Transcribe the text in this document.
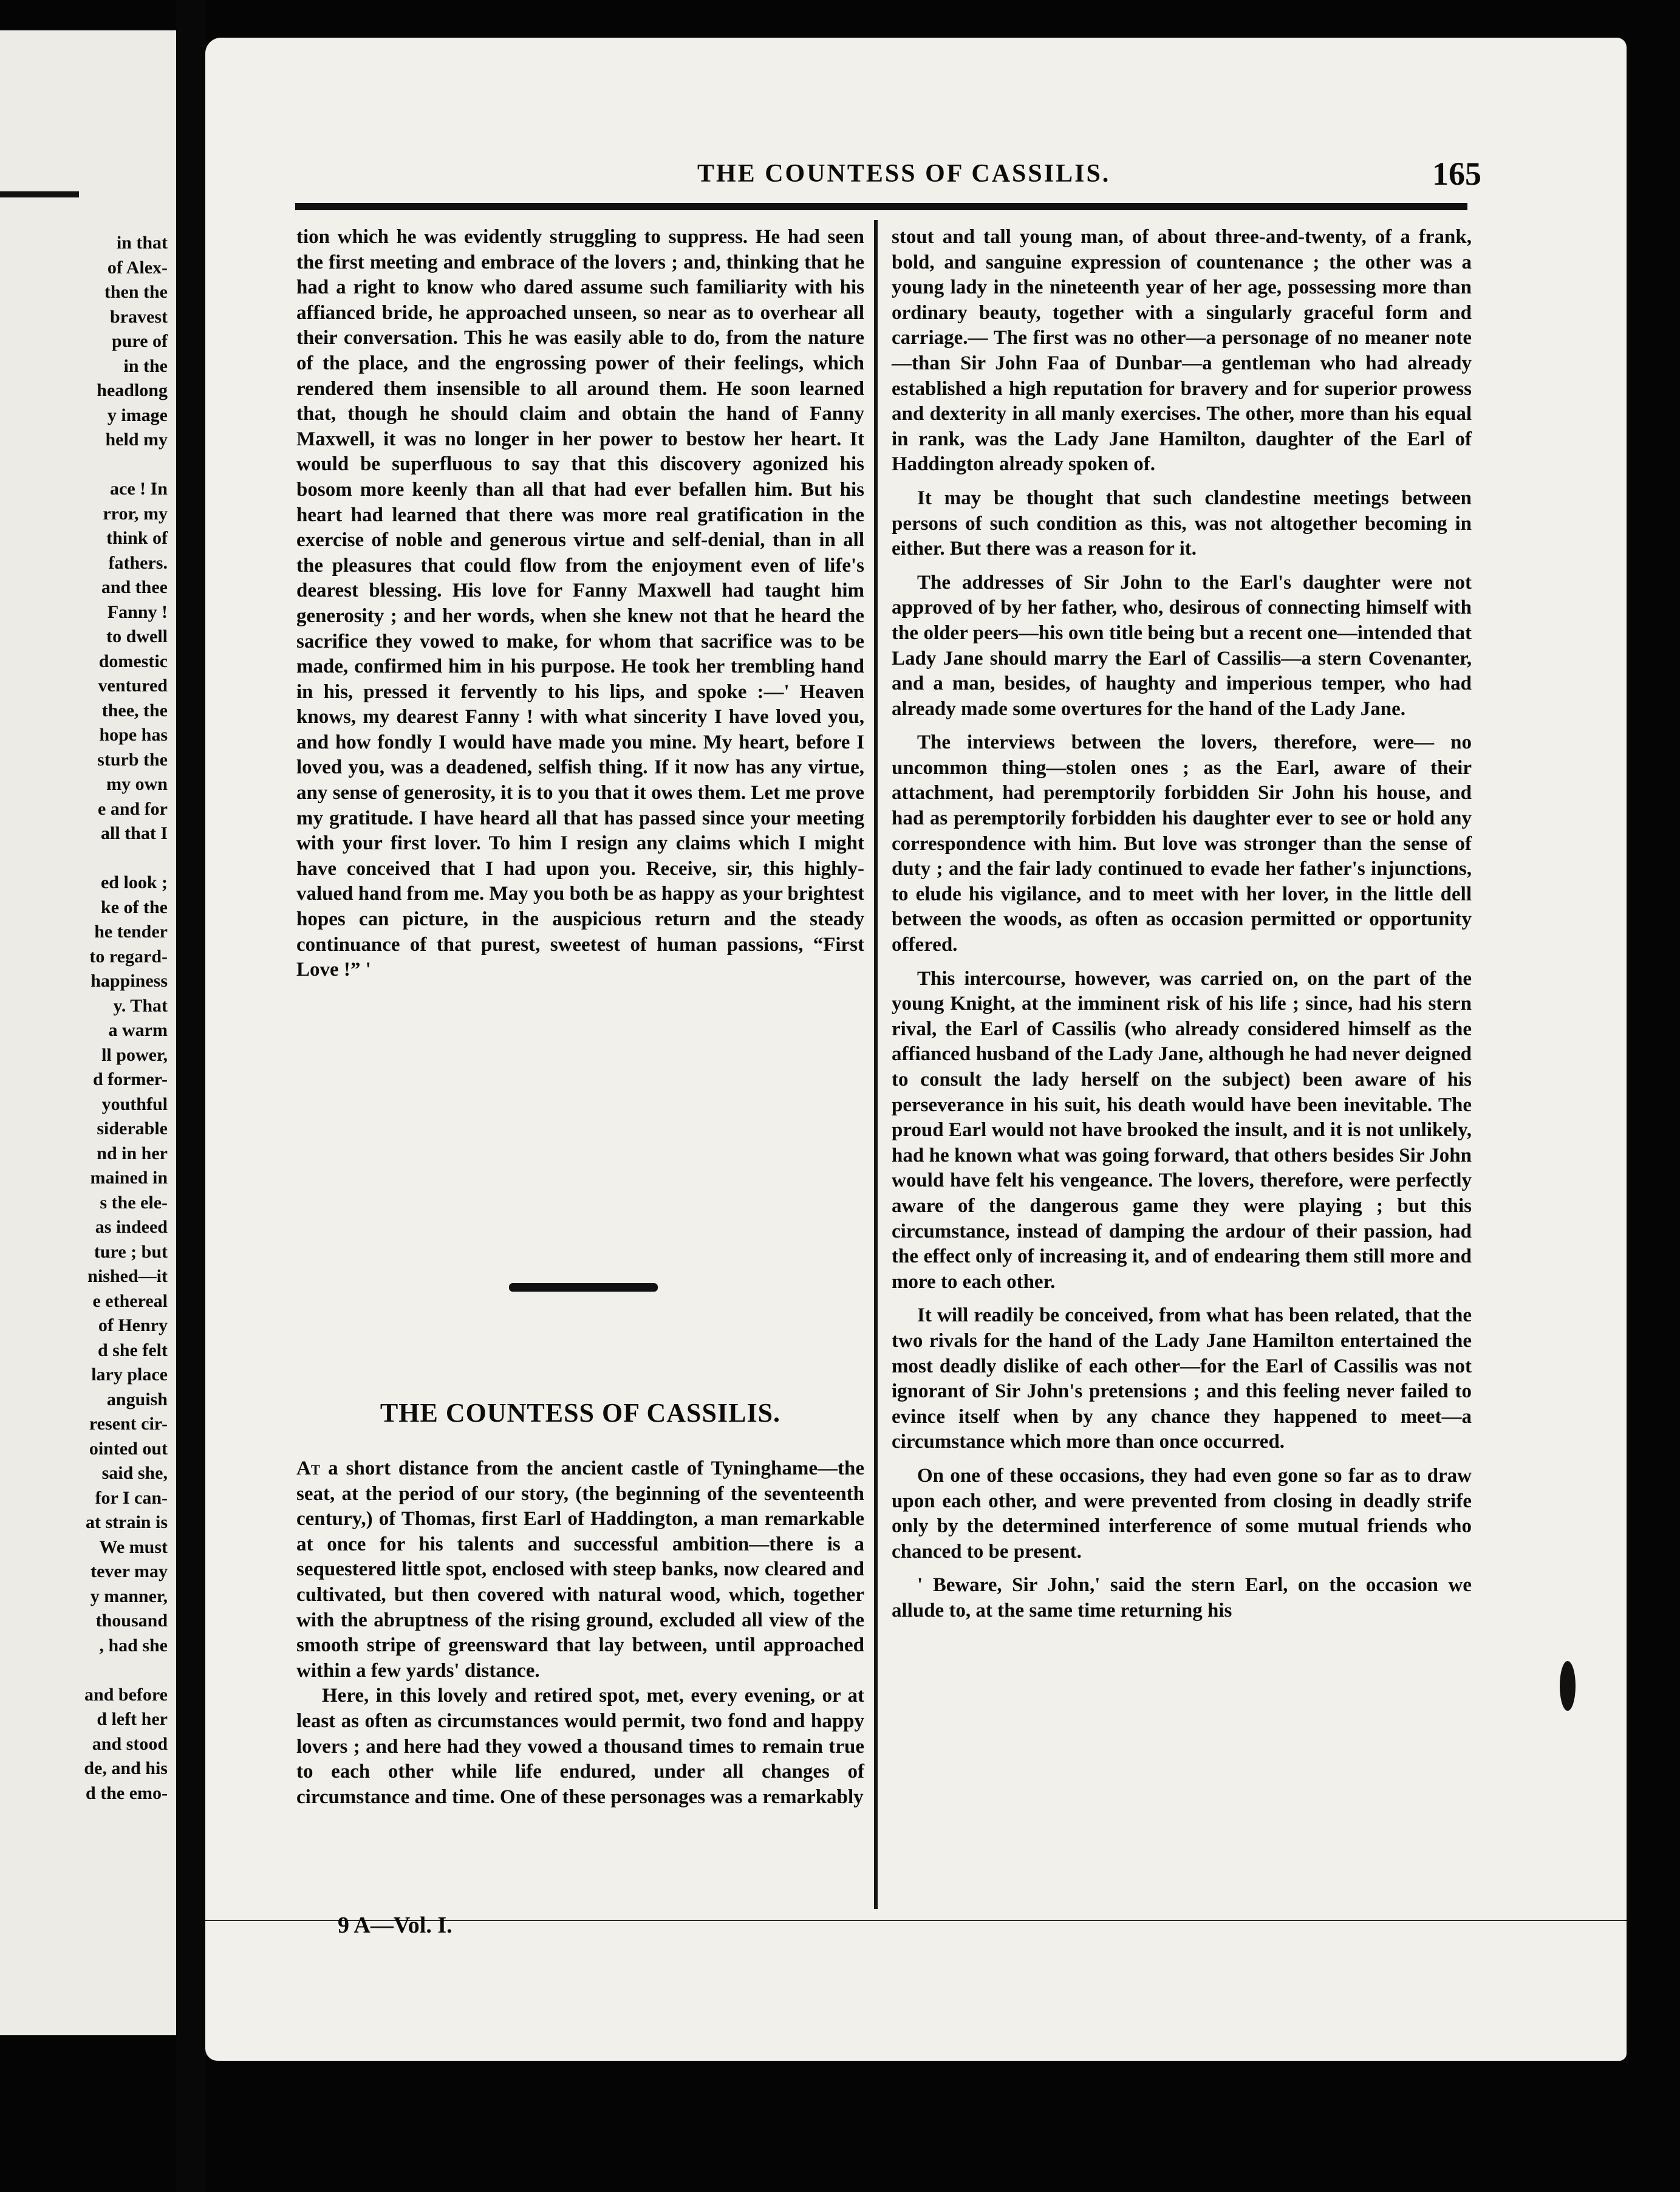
in that
of Alex-
then the
bravest
pure of
in the
headlong
y image
held my

ace ! In
rror, my
think of
fathers.
and thee
Fanny !
to dwell
domestic
ventured
thee, the
hope has
sturb the
my own
e and for
all that I

ed look ;
ke of the
he tender
to regard-
happiness
y. That
a warm
ll power,
d former-
youthful
siderable
nd in her
mained in
s the ele-
as indeed
ture ; but
nished—it
e ethereal
of Henry
d she felt
lary place
anguish
resent cir-
ointed out
said she,
for I can-
at strain is
We must
tever may
y manner,
thousand
, had she

and before
d left her
and stood
de, and his
d the emo-
THE COUNTESS OF CASSILIS.	165

tion which he was evidently struggling to suppress. He had seen the first meeting and embrace of the lovers ; and, thinking that he had a right to know who dared assume such familiarity with his affianced bride, he approached unseen, so near as to overhear all their conversation. This he was easily able to do, from the nature of the place, and the engrossing power of their feelings, which rendered them insensible to all around them. He soon learned that, though he should claim and obtain the hand of Fanny Maxwell, it was no longer in her power to bestow her heart. It would be superfluous to say that this discovery agonized his bosom more keenly than all that had ever befallen him. But his heart had learned that there was more real gratification in the exercise of noble and generous virtue and self-denial, than in all the pleasures that could flow from the enjoyment even of life's dearest blessing. His love for Fanny Maxwell had taught him generosity ; and her words, when she knew not that he heard the sacrifice they vowed to make, for whom that sacrifice was to be made, confirmed him in his purpose. He took her trembling hand in his, pressed it fervently to his lips, and spoke :—' Heaven knows, my dearest Fanny ! with what sincerity I have loved you, and how fondly I would have made you mine. My heart, before I loved you, was a deadened, selfish thing. If it now has any virtue, any sense of generosity, it is to you that it owes them. Let me prove my gratitude. I have heard all that has passed since your meeting with your first lover. To him I resign any claims which I might have conceived that I had upon you. Receive, sir, this highly-valued hand from me. May you both be as happy as your brightest hopes can picture, in the auspicious return and the steady continuance of that purest, sweetest of human passions, “First Love !” '

THE COUNTESS OF CASSILIS.

At a short distance from the ancient castle of Tyninghame—the seat, at the period of our story, (the beginning of the seventeenth century,) of Thomas, first Earl of Haddington, a man remarkable at once for his talents and successful ambition—there is a sequestered little spot, enclosed with steep banks, now cleared and cultivated, but then covered with natural wood, which, together with the abruptness of the rising ground, excluded all view of the smooth stripe of greensward that lay between, until approached within a few yards' distance.

Here, in this lovely and retired spot, met, every evening, or at least as often as circumstances would permit, two fond and happy lovers ; and here had they vowed a thousand times to remain true to each other while life endured, under all changes of circumstance and time. One of these personages was a remarkably

stout and tall young man, of about three-and-twenty, of a frank, bold, and sanguine expression of countenance ; the other was a young lady in the nineteenth year of her age, possessing more than ordinary beauty, together with a singularly graceful form and carriage.— The first was no other—a personage of no meaner note —than Sir John Faa of Dunbar—a gentleman who had already established a high reputation for bravery and for superior prowess and dexterity in all manly exercises. The other, more than his equal in rank, was the Lady Jane Hamilton, daughter of the Earl of Haddington already spoken of.

It may be thought that such clandestine meetings between persons of such condition as this, was not altogether becoming in either. But there was a reason for it.

The addresses of Sir John to the Earl's daughter were not approved of by her father, who, desirous of connecting himself with the older peers—his own title being but a recent one—intended that Lady Jane should marry the Earl of Cassilis—a stern Covenanter, and a man, besides, of haughty and imperious temper, who had already made some overtures for the hand of the Lady Jane.

The interviews between the lovers, therefore, were— no uncommon thing—stolen ones ; as the Earl, aware of their attachment, had peremptorily forbidden Sir John his house, and had as peremptorily forbidden his daughter ever to see or hold any correspondence with him. But love was stronger than the sense of duty ; and the fair lady continued to evade her father's injunctions, to elude his vigilance, and to meet with her lover, in the little dell between the woods, as often as occasion permitted or opportunity offered.

This intercourse, however, was carried on, on the part of the young Knight, at the imminent risk of his life ; since, had his stern rival, the Earl of Cassilis (who already considered himself as the affianced husband of the Lady Jane, although he had never deigned to consult the lady herself on the subject) been aware of his perseverance in his suit, his death would have been inevitable. The proud Earl would not have brooked the insult, and it is not unlikely, had he known what was going forward, that others besides Sir John would have felt his vengeance. The lovers, therefore, were perfectly aware of the dangerous game they were playing ; but this circumstance, instead of damping the ardour of their passion, had the effect only of increasing it, and of endearing them still more and more to each other.

It will readily be conceived, from what has been related, that the two rivals for the hand of the Lady Jane Hamilton entertained the most deadly dislike of each other—for the Earl of Cassilis was not ignorant of Sir John's pretensions ; and this feeling never failed to evince itself when by any chance they happened to meet—a circumstance which more than once occurred.

On one of these occasions, they had even gone so far as to draw upon each other, and were prevented from closing in deadly strife only by the determined interference of some mutual friends who chanced to be present.

' Beware, Sir John,' said the stern Earl, on the occasion we allude to, at the same time returning his

9 A—Vol. I.
